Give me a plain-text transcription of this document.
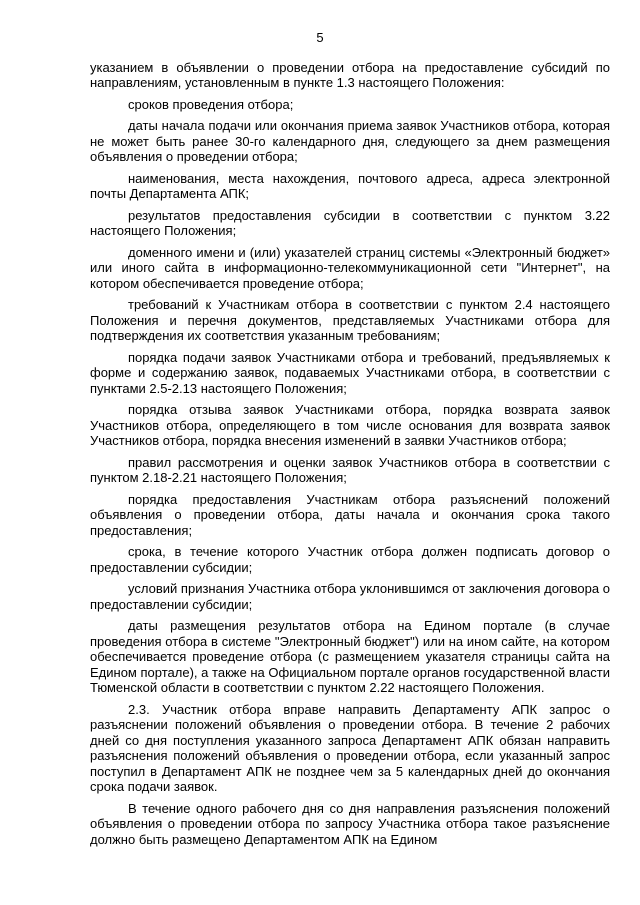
5

указанием в объявлении о проведении отбора на предоставление субсидий по направлениям, установленным в пункте 1.3 настоящего Положения:

сроков проведения отбора;

даты начала подачи или окончания приема заявок Участников отбора, которая не может быть ранее 30-го календарного дня, следующего за днем размещения объявления о проведении отбора;

наименования, места нахождения, почтового адреса, адреса электронной почты Департамента АПК;

результатов предоставления субсидии в соответствии с пунктом 3.22 настоящего Положения;

доменного имени и (или) указателей страниц системы «Электронный бюджет» или иного сайта в информационно-телекоммуникационной сети "Интернет", на котором обеспечивается проведение отбора;

требований к Участникам отбора в соответствии с пунктом 2.4 настоящего Положения и перечня документов, представляемых Участниками отбора для подтверждения их соответствия указанным требованиям;

порядка подачи заявок Участниками отбора и требований, предъявляемых к форме и содержанию заявок, подаваемых Участниками отбора, в соответствии с пунктами 2.5-2.13 настоящего Положения;

порядка отзыва заявок Участниками отбора, порядка возврата заявок Участников отбора, определяющего в том числе основания для возврата заявок Участников отбора, порядка внесения изменений в заявки Участников отбора;

правил рассмотрения и оценки заявок Участников отбора в соответствии с пунктом 2.18-2.21 настоящего Положения;

порядка предоставления Участникам отбора разъяснений положений объявления о проведении отбора, даты начала и окончания срока такого предоставления;

срока, в течение которого Участник отбора должен подписать договор о предоставлении субсидии;

условий признания Участника отбора уклонившимся от заключения договора о предоставлении субсидии;

даты размещения результатов отбора на Едином портале (в случае проведения отбора в системе "Электронный бюджет") или на ином сайте, на котором обеспечивается проведение отбора (с размещением указателя страницы сайта на Едином портале), а также на Официальном портале органов государственной власти Тюменской области в соответствии с пунктом 2.22 настоящего Положения.

2.3. Участник отбора вправе направить Департаменту АПК запрос о разъяснении положений объявления о проведении отбора. В течение 2 рабочих дней со дня поступления указанного запроса Департамент АПК обязан направить разъяснения положений объявления о проведении отбора, если указанный запрос поступил в Департамент АПК не позднее чем за 5 календарных дней до окончания срока подачи заявок.

В течение одного рабочего дня со дня направления разъяснения положений объявления о проведении отбора по запросу Участника отбора такое разъяснение должно быть размещено Департаментом АПК на Едином
